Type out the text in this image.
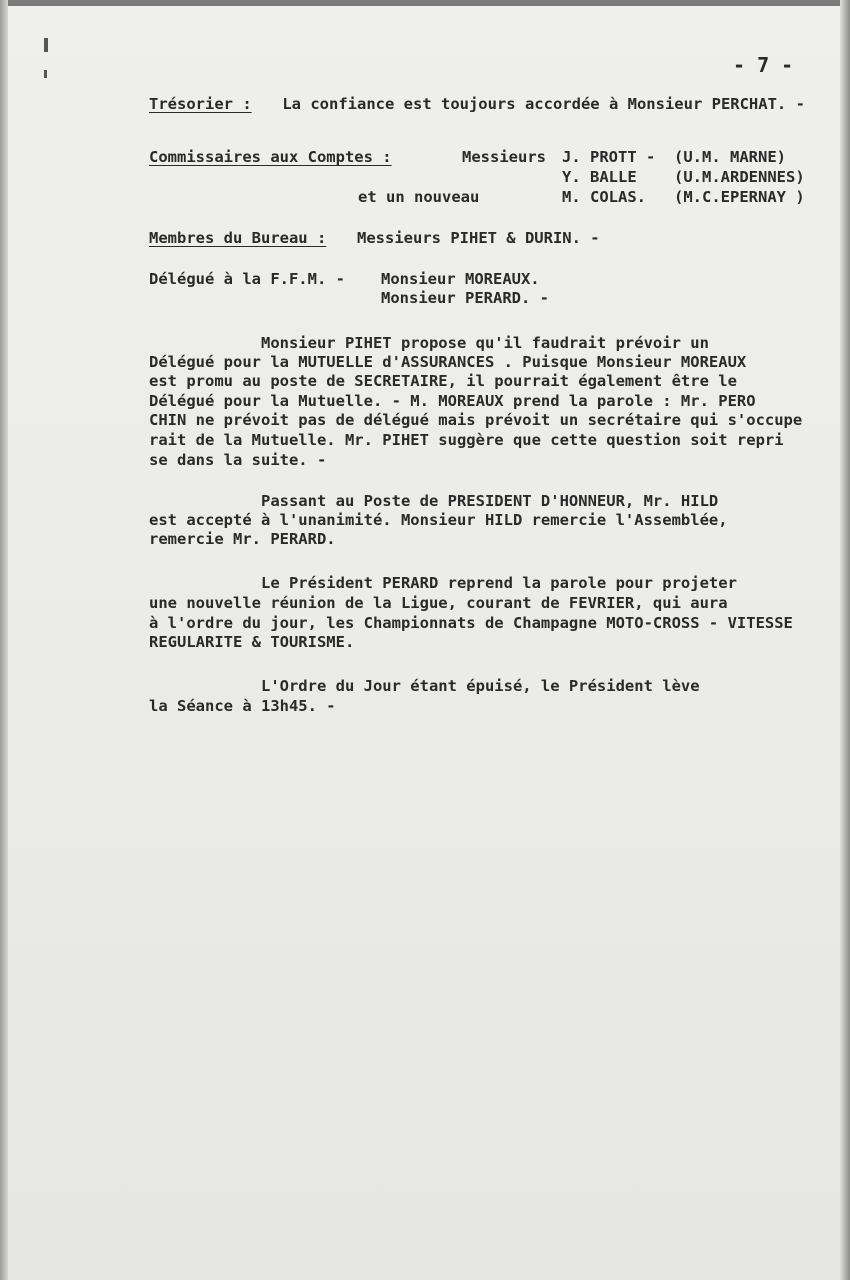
- 7 -
Trésorier : La confiance est toujours accordée à Monsieur PERCHAT. -
Commissaires aux Comptes :	Messieurs J. PROTT - (U.M. MARNE)
Y. BALLE (U.M.ARDENNES)
et un nouveau	M. COLAS. (M.C.EPERNAY )
Membres du Bureau : Messieurs PIHET & DURIN. -
Délégué à la F.F.M. - Monsieur MOREAUX.
Monsieur PERARD. -
Monsieur PIHET propose qu'il faudrait prévoir un
Délégué pour la MUTUELLE d'ASSURANCES . Puisque Monsieur MOREAUX
est promu au poste de SECRETAIRE, il pourrait également être le
Délégué pour la Mutuelle. - M. MOREAUX prend la parole : Mr. PERO
CHIN ne prévoit pas de délégué mais prévoit un secrétaire qui s'occupe
rait de la Mutuelle. Mr. PIHET suggère que cette question soit repri
se dans la suite. -
Passant au Poste de PRESIDENT D'HONNEUR, Mr. HILD
est accepté à l'unanimité. Monsieur HILD remercie l'Assemblée,
remercie Mr. PERARD.
Le Président PERARD reprend la parole pour projeter
une nouvelle réunion de la Ligue, courant de FEVRIER, qui aura
à l'ordre du jour, les Championnats de Champagne MOTO-CROSS - VITESSE
REGULARITE & TOURISME.
L'Ordre du Jour étant épuisé, le Président lève
la Séance à 13h45. -
